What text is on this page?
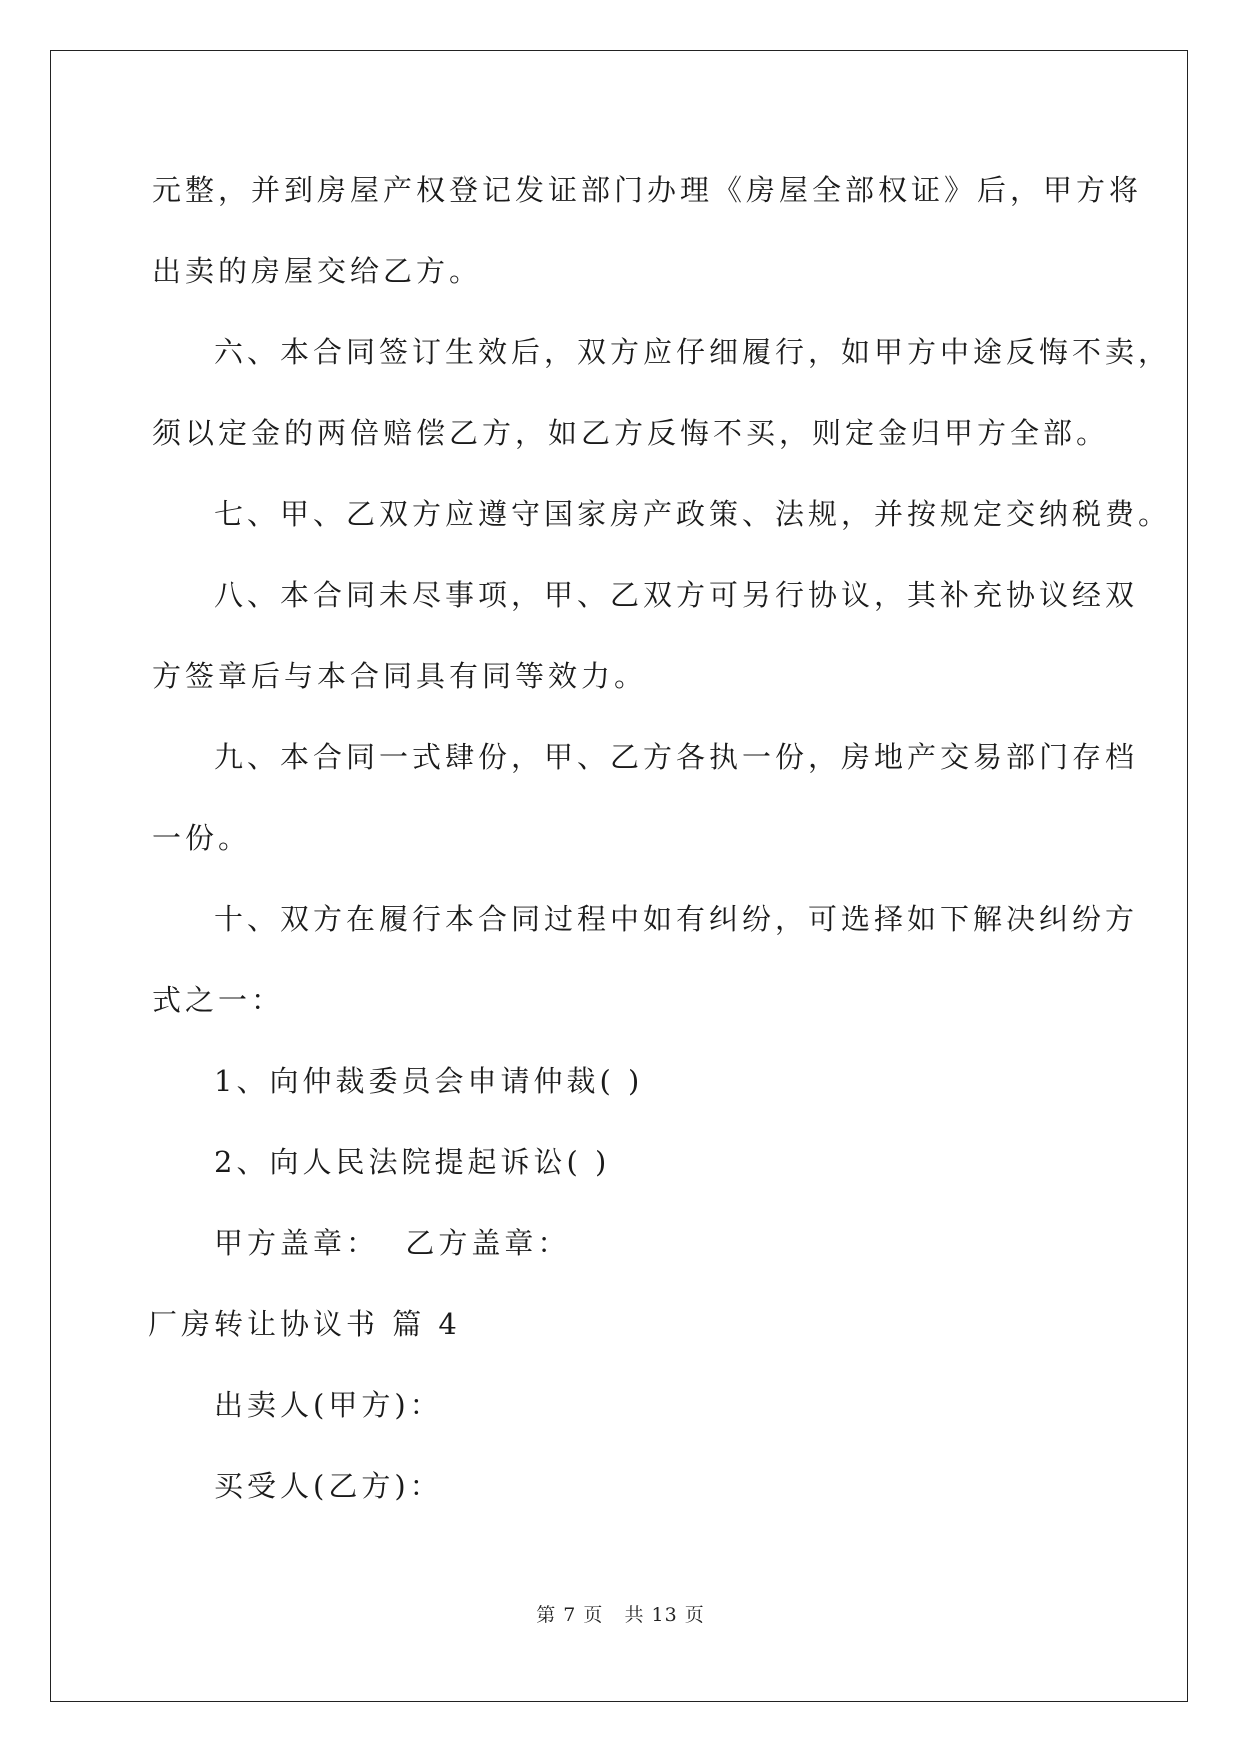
元整，并到房屋产权登记发证部门办理《房屋全部权证》后，甲方将
出卖的房屋交给乙方。
六、本合同签订生效后，双方应仔细履行，如甲方中途反悔不卖，
须以定金的两倍赔偿乙方，如乙方反悔不买，则定金归甲方全部。
七、甲、乙双方应遵守国家房产政策、法规，并按规定交纳税费。
八、本合同未尽事项，甲、乙双方可另行协议，其补充协议经双
方签章后与本合同具有同等效力。
九、本合同一式肆份，甲、乙方各执一份，房地产交易部门存档
一份。
十、双方在履行本合同过程中如有纠纷，可选择如下解决纠纷方
式之一：
1、向仲裁委员会申请仲裁( )
2、向人民法院提起诉讼( )
甲方盖章：  乙方盖章：
厂房转让协议书 篇 4
出卖人(甲方)：
买受人(乙方)：
第 7 页   共 13 页
